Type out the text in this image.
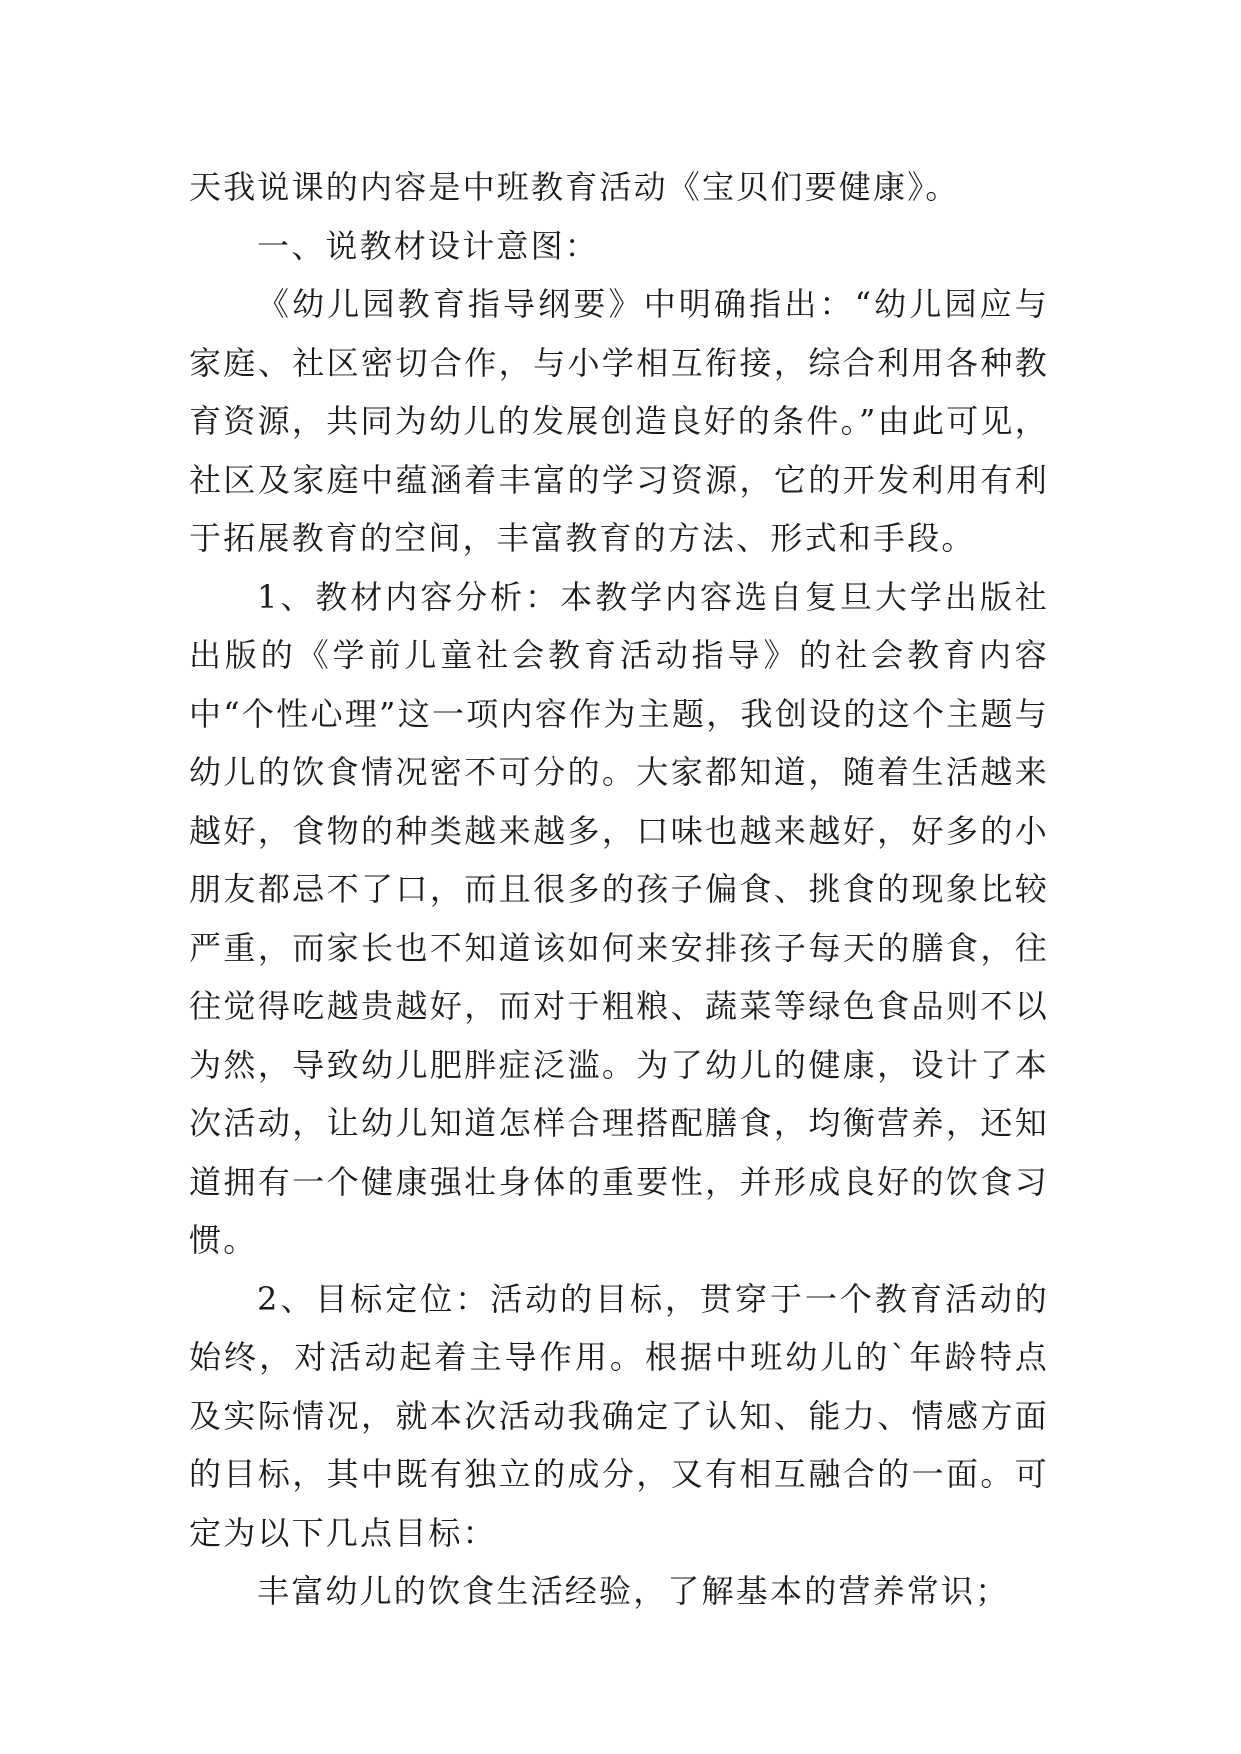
天我说课的内容是中班教育活动《宝贝们要健康》。

一、说教材设计意图：

《幼儿园教育指导纲要》中明确指出：“幼儿园应与家庭、社区密切合作，与小学相互衔接，综合利用各种教育资源，共同为幼儿的发展创造良好的条件。”由此可见，社区及家庭中蕴涵着丰富的学习资源，它的开发利用有利于拓展教育的空间，丰富教育的方法、形式和手段。

1、教材内容分析：本教学内容选自复旦大学出版社出版的《学前儿童社会教育活动指导》的社会教育内容中“个性心理”这一项内容作为主题，我创设的这个主题与幼儿的饮食情况密不可分的。大家都知道，随着生活越来越好，食物的种类越来越多，口味也越来越好，好多的小朋友都忌不了口，而且很多的孩子偏食、挑食的现象比较严重，而家长也不知道该如何来安排孩子每天的膳食，往往觉得吃越贵越好，而对于粗粮、蔬菜等绿色食品则不以为然，导致幼儿肥胖症泛滥。为了幼儿的健康，设计了本次活动，让幼儿知道怎样合理搭配膳食，均衡营养，还知道拥有一个健康强壮身体的重要性，并形成良好的饮食习惯。

2、目标定位：活动的目标，贯穿于一个教育活动的始终，对活动起着主导作用。根据中班幼儿的`年龄特点及实际情况，就本次活动我确定了认知、能力、情感方面的目标，其中既有独立的成分，又有相互融合的一面。可定为以下几点目标：

丰富幼儿的饮食生活经验，了解基本的营养常识；
